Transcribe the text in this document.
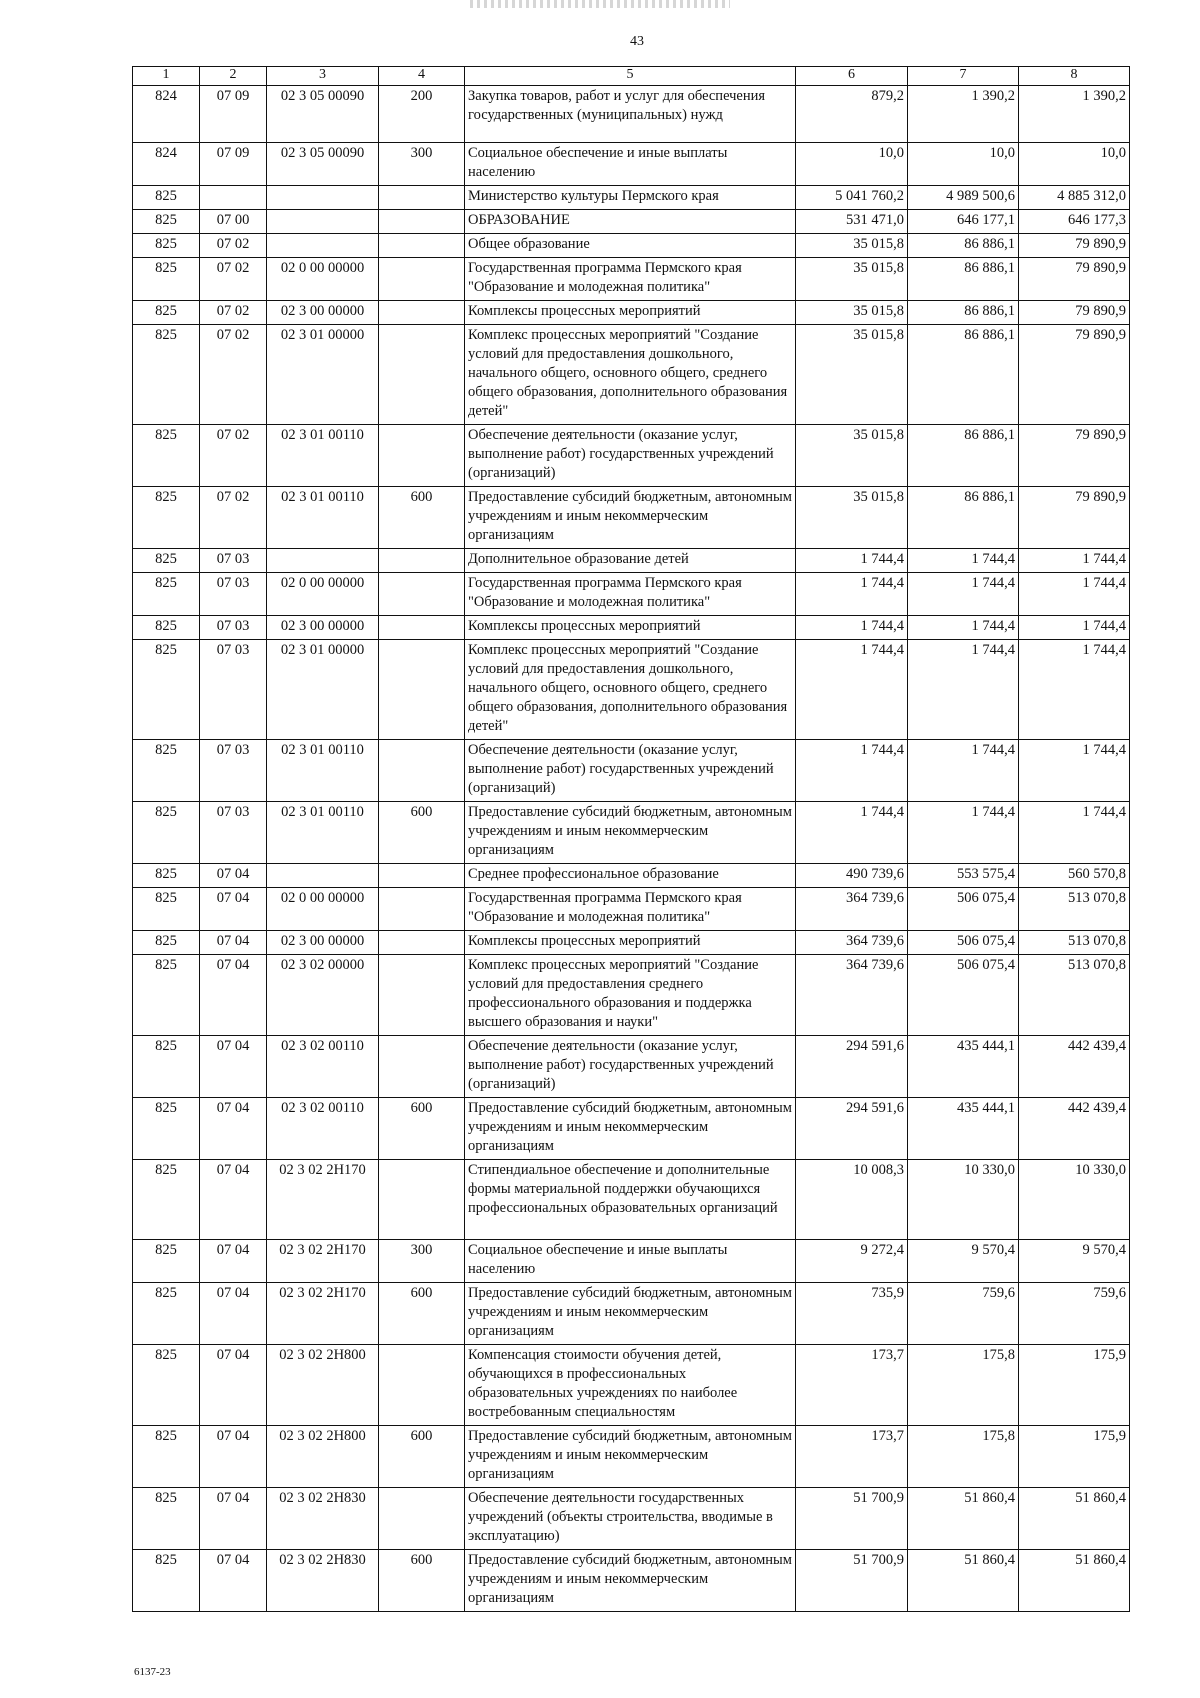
43
1	2	3	4	5	6	7	8
824	07 09	02 3 05 00090	200	Закупка товаров, работ и услуг для обеспечения государственных (муниципальных) нужд	879,2	1 390,2	1 390,2
824	07 09	02 3 05 00090	300	Социальное обеспечение и иные выплаты населению	10,0	10,0	10,0
825				Министерство культуры Пермского края	5 041 760,2	4 989 500,6	4 885 312,0
825	07 00			ОБРАЗОВАНИЕ	531 471,0	646 177,1	646 177,3
825	07 02			Общее образование	35 015,8	86 886,1	79 890,9
825	07 02	02 0 00 00000		Государственная программа Пермского края "Образование и молодежная политика"	35 015,8	86 886,1	79 890,9
825	07 02	02 3 00 00000		Комплексы процессных мероприятий	35 015,8	86 886,1	79 890,9
825	07 02	02 3 01 00000		Комплекс процессных мероприятий "Создание условий для предоставления дошкольного, начального общего, основного общего, среднего общего образования, дополнительного образования детей"	35 015,8	86 886,1	79 890,9
825	07 02	02 3 01 00110		Обеспечение деятельности (оказание услуг, выполнение работ) государственных учреждений (организаций)	35 015,8	86 886,1	79 890,9
825	07 02	02 3 01 00110	600	Предоставление субсидий бюджетным, автономным учреждениям и иным некоммерческим организациям	35 015,8	86 886,1	79 890,9
825	07 03			Дополнительное образование детей	1 744,4	1 744,4	1 744,4
825	07 03	02 0 00 00000		Государственная программа Пермского края "Образование и молодежная политика"	1 744,4	1 744,4	1 744,4
825	07 03	02 3 00 00000		Комплексы процессных мероприятий	1 744,4	1 744,4	1 744,4
825	07 03	02 3 01 00000		Комплекс процессных мероприятий "Создание условий для предоставления дошкольного, начального общего, основного общего, среднего общего образования, дополнительного образования детей"	1 744,4	1 744,4	1 744,4
825	07 03	02 3 01 00110		Обеспечение деятельности (оказание услуг, выполнение работ) государственных учреждений (организаций)	1 744,4	1 744,4	1 744,4
825	07 03	02 3 01 00110	600	Предоставление субсидий бюджетным, автономным учреждениям и иным некоммерческим организациям	1 744,4	1 744,4	1 744,4
825	07 04			Среднее профессиональное образование	490 739,6	553 575,4	560 570,8
825	07 04	02 0 00 00000		Государственная программа Пермского края "Образование и молодежная политика"	364 739,6	506 075,4	513 070,8
825	07 04	02 3 00 00000		Комплексы процессных мероприятий	364 739,6	506 075,4	513 070,8
825	07 04	02 3 02 00000		Комплекс процессных мероприятий "Создание условий для предоставления среднего профессионального образования и поддержка высшего образования и науки"	364 739,6	506 075,4	513 070,8
825	07 04	02 3 02 00110		Обеспечение деятельности (оказание услуг, выполнение работ) государственных учреждений (организаций)	294 591,6	435 444,1	442 439,4
825	07 04	02 3 02 00110	600	Предоставление субсидий бюджетным, автономным учреждениям и иным некоммерческим организациям	294 591,6	435 444,1	442 439,4
825	07 04	02 3 02 2Н170		Стипендиальное обеспечение и дополнительные формы материальной поддержки обучающихся профессиональных образовательных организаций	10 008,3	10 330,0	10 330,0
825	07 04	02 3 02 2Н170	300	Социальное обеспечение и иные выплаты населению	9 272,4	9 570,4	9 570,4
825	07 04	02 3 02 2Н170	600	Предоставление субсидий бюджетным, автономным учреждениям и иным некоммерческим организациям	735,9	759,6	759,6
825	07 04	02 3 02 2Н800		Компенсация стоимости обучения детей, обучающихся в профессиональных образовательных учреждениях по наиболее востребованным специальностям	173,7	175,8	175,9
825	07 04	02 3 02 2Н800	600	Предоставление субсидий бюджетным, автономным учреждениям и иным некоммерческим организациям	173,7	175,8	175,9
825	07 04	02 3 02 2Н830		Обеспечение деятельности государственных учреждений (объекты строительства, вводимые в эксплуатацию)	51 700,9	51 860,4	51 860,4
825	07 04	02 3 02 2Н830	600	Предоставление субсидий бюджетным, автономным учреждениям и иным некоммерческим организациям	51 700,9	51 860,4	51 860,4
6137-23
